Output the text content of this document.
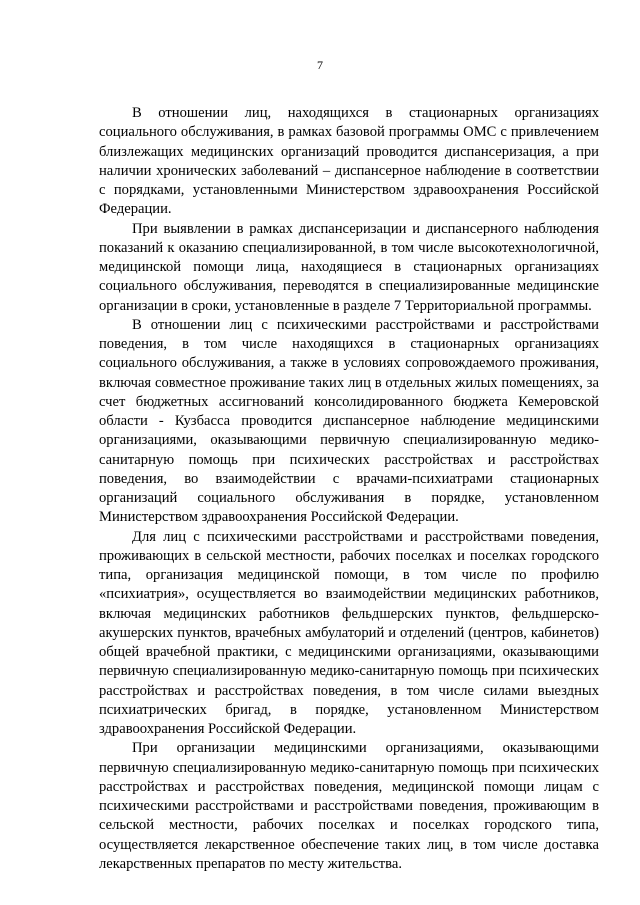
7

В отношении лиц, находящихся в стационарных организациях социального обслуживания, в рамках базовой программы ОМС с привлечением близлежащих медицинских организаций проводится диспансеризация, а при наличии хронических заболеваний – диспансерное наблюдение в соответствии с порядками, установленными Министерством здравоохранения Российской Федерации.

При выявлении в рамках диспансеризации и диспансерного наблюдения показаний к оказанию специализированной, в том числе высокотехнологичной, медицинской помощи лица, находящиеся в стационарных организациях социального обслуживания, переводятся в специализированные медицинские организации в сроки, установленные в разделе 7 Территориальной программы.

В отношении лиц с психическими расстройствами и расстройствами поведения, в том числе находящихся в стационарных организациях социального обслуживания, а также в условиях сопровождаемого проживания, включая совместное проживание таких лиц в отдельных жилых помещениях, за счет бюджетных ассигнований консолидированного бюджета Кемеровской области - Кузбасса проводится диспансерное наблюдение медицинскими организациями, оказывающими первичную специализированную медико-санитарную помощь при психических расстройствах и расстройствах поведения, во взаимодействии с врачами-психиатрами стационарных организаций социального обслуживания в порядке, установленном Министерством здравоохранения Российской Федерации.

Для лиц с психическими расстройствами и расстройствами поведения, проживающих в сельской местности, рабочих поселках и поселках городского типа, организация медицинской помощи, в том числе по профилю «психиатрия», осуществляется во взаимодействии медицинских работников, включая медицинских работников фельдшерских пунктов, фельдшерско-акушерских пунктов, врачебных амбулаторий и отделений (центров, кабинетов) общей врачебной практики, с медицинскими организациями, оказывающими первичную специализированную медико-санитарную помощь при психических расстройствах и расстройствах поведения, в том числе силами выездных психиатрических бригад, в порядке, установленном Министерством здравоохранения Российской Федерации.

При организации медицинскими организациями, оказывающими первичную специализированную медико-санитарную помощь при психических расстройствах и расстройствах поведения, медицинской помощи лицам с психическими расстройствами и расстройствами поведения, проживающим в сельской местности, рабочих поселках и поселках городского типа, осуществляется лекарственное обеспечение таких лиц, в том числе доставка лекарственных препаратов по месту жительства.
